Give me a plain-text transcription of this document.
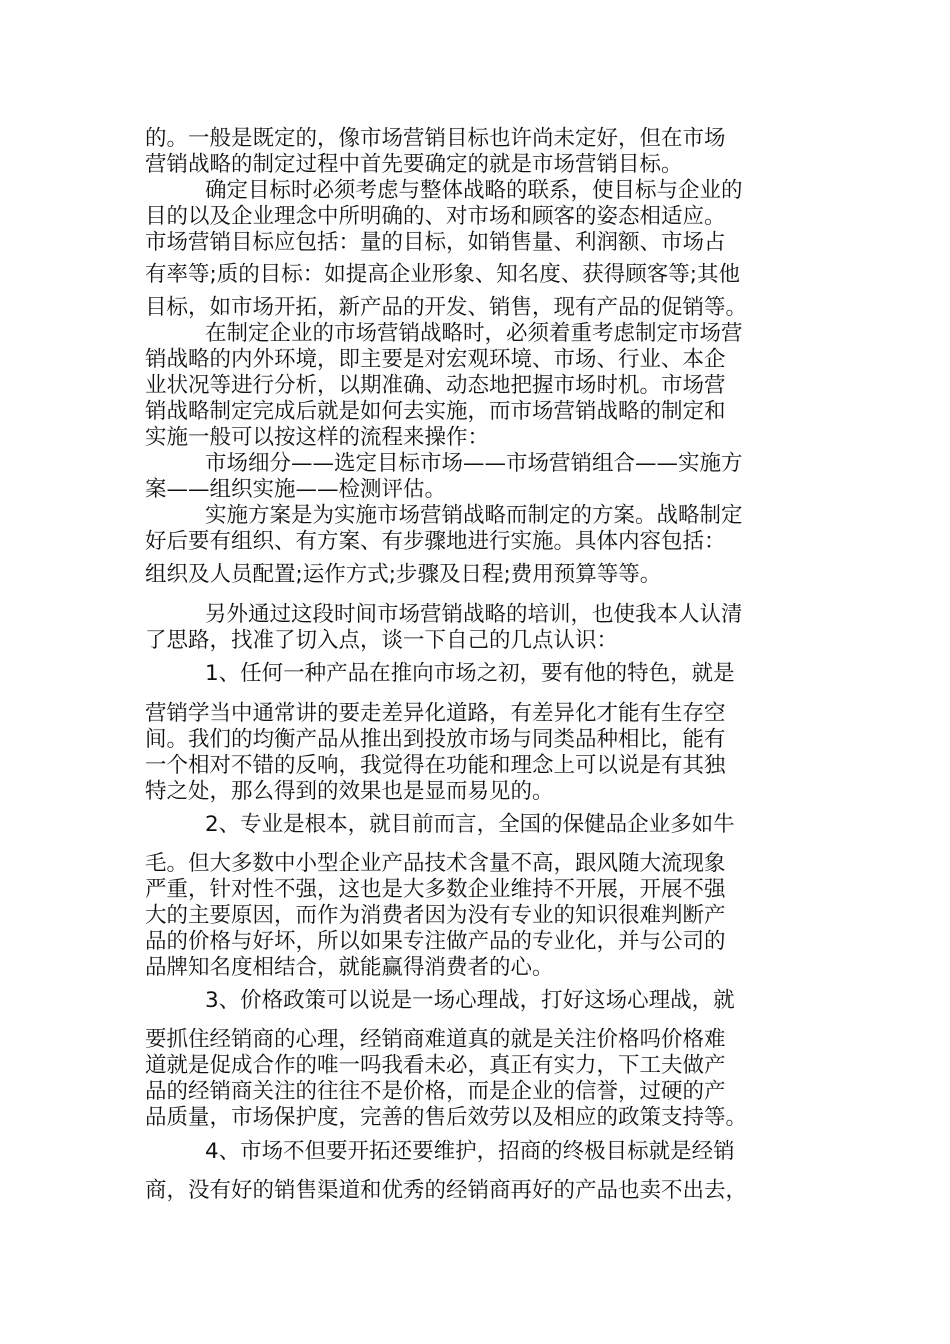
的。一般是既定的，像市场营销目标也许尚未定好，但在市场

营销战略的制定过程中首先要确定的就是市场营销目标。

确定目标时必须考虑与整体战略的联系，使目标与企业的

目的以及企业理念中所明确的、对市场和顾客的姿态相适应。

市场营销目标应包括：量的目标，如销售量、利润额、市场占

有率等;质的目标：如提高企业形象、知名度、获得顾客等;其他

目标，如市场开拓，新产品的开发、销售，现有产品的促销等。

在制定企业的市场营销战略时，必须着重考虑制定市场营

销战略的内外环境，即主要是对宏观环境、市场、行业、本企

业状况等进行分析，以期准确、动态地把握市场时机。市场营

销战略制定完成后就是如何去实施，而市场营销战略的制定和

实施一般可以按这样的流程来操作：

市场细分——选定目标市场——市场营销组合——实施方

案——组织实施——检测评估。

实施方案是为实施市场营销战略而制定的方案。战略制定

好后要有组织、有方案、有步骤地进行实施。具体内容包括：

组织及人员配置;运作方式;步骤及日程;费用预算等等。

另外通过这段时间市场营销战略的培训，也使我本人认清

了思路，找准了切入点，谈一下自己的几点认识：

1、任何一种产品在推向市场之初，要有他的特色，就是

营销学当中通常讲的要走差异化道路，有差异化才能有生存空

间。我们的均衡产品从推出到投放市场与同类品种相比，能有

一个相对不错的反响，我觉得在功能和理念上可以说是有其独

特之处，那么得到的效果也是显而易见的。

2、专业是根本，就目前而言，全国的保健品企业多如牛

毛。但大多数中小型企业产品技术含量不高，跟风随大流现象

严重，针对性不强，这也是大多数企业维持不开展，开展不强

大的主要原因，而作为消费者因为没有专业的知识很难判断产

品的价格与好坏，所以如果专注做产品的专业化，并与公司的

品牌知名度相结合，就能赢得消费者的心。

3、价格政策可以说是一场心理战，打好这场心理战，就

要抓住经销商的心理，经销商难道真的就是关注价格吗价格难

道就是促成合作的唯一吗我看未必，真正有实力，下工夫做产

品的经销商关注的往往不是价格，而是企业的信誉，过硬的产

品质量，市场保护度，完善的售后效劳以及相应的政策支持等。

4、市场不但要开拓还要维护，招商的终极目标就是经销

商，没有好的销售渠道和优秀的经销商再好的产品也卖不出去，
